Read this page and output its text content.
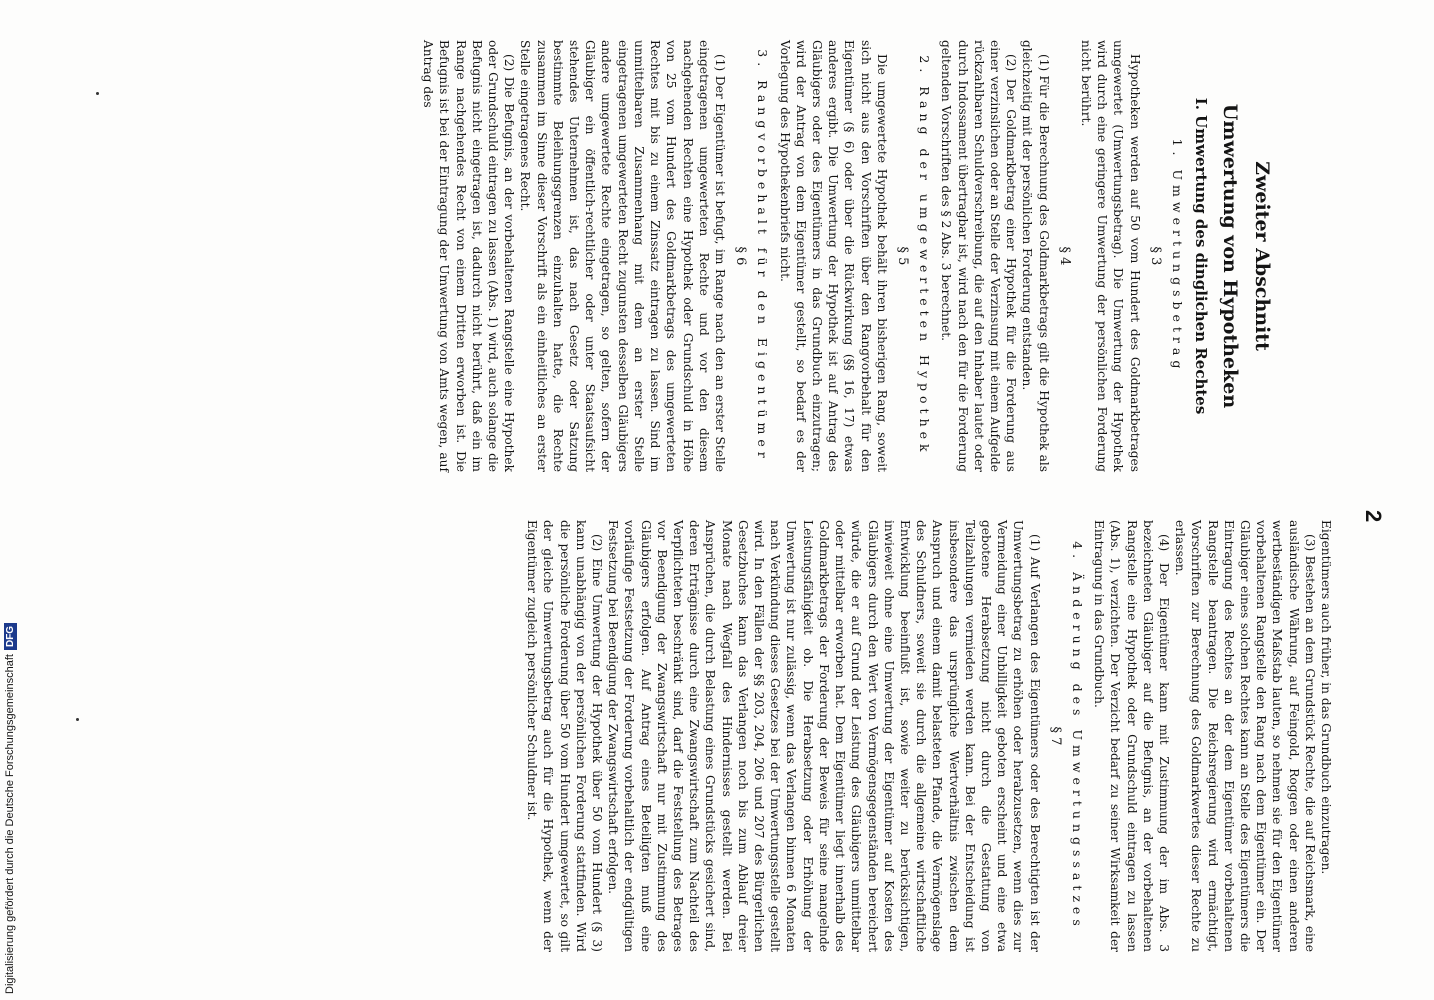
2
Zweiter Abschnitt
Umwertung von Hypotheken
I. Umwertung des dinglichen Rechtes
1. Umwertungsbetrag
§ 3

Hypotheken werden auf 50 vom Hundert des Goldmarkbetrages umgewertet (Umwertungsbetrag). Die Umwertung der Hypothek wird durch eine geringere Umwertung der persönlichen Forderung nicht berührt.

§ 4

(1) Für die Berechnung des Goldmarkbetrags gilt die Hypothek als gleichzeitig mit der persönlichen Forderung entstanden.

(2) Der Goldmarkbetrag einer Hypothek für die Forderung aus einer verzinslichen oder an Stelle der Verzinsung mit einem Aufgelde rückzahlbaren Schuldverschreibung, die auf den Inhaber lautet oder durch Indossament übertragbar ist, wird nach den für die Forderung geltenden Vorschriften des § 2 Abs. 3 berechnet.

2. Rang der umgewerteten Hypothek
§ 5

Die umgewertete Hypothek behält ihren bisherigen Rang, soweit sich nicht aus den Vorschriften über den Rangvorbehalt für den Eigentümer (§ 6) oder über die Rückwirkung (§§ 16, 17) etwas anderes ergibt. Die Umwertung der Hypothek ist auf Antrag des Gläubigers oder des Eigentümers in das Grundbuch einzutragen; wird der Antrag von dem Eigentümer gestellt, so bedarf es der Vorlegung des Hypothekenbriefs nicht.

3. Rangvorbehalt für den Eigentümer
§ 6

(1) Der Eigentümer ist befugt, im Range nach den an erster Stelle eingetragenen umgewerteten Rechte und vor den diesem nachgehenden Rechten eine Hypothek oder Grundschuld in Höhe von 25 vom Hundert des Goldmarkbetrags des umgewerteten Rechtes mit bis zu einem Zinssatz eintragen zu lassen. Sind im unmittelbaren Zusammenhang mit dem an erster Stelle eingetragenen umgewerteten Recht zugunsten desselben Gläubigers andere umgewertete Rechte eingetragen, so gelten, sofern der Gläubiger ein öffentlich-rechtlicher oder unter Staatsaufsicht stehendes Unternehmen ist, das nach Gesetz oder Satzung bestimmte Beleihungsgrenzen einzuhalten hatte, die Rechte zusammen im Sinne dieser Vorschrift als ein einheitliches an erster Stelle eingetragenes Recht.

(2) Die Befugnis, an der vorbehaltenen Rangstelle eine Hypothek oder Grundschuld eintragen zu lassen (Abs. 1) wird, auch solange die Befugnis nicht eingetragen ist, dadurch nicht berührt, daß ein im Range nachgehendes Recht von einem Dritten erworben ist. Die Befugnis ist bei der Eintragung der Umwertung von Amts wegen, auf Antrag des

Eigentümers auch früher, in das Grundbuch einzutragen.

(3) Bestehen an dem Grundstück Rechte, die auf Reichsmark, eine ausländische Währung, auf Feingold, Roggen oder einen anderen wertbeständigen Maßstab lauten, so nehmen sie für den Eigentümer vorbehaltenen Rangstelle den Rang nach dem Eigentümer ein. Der Gläubiger eines solchen Rechtes kann an Stelle des Eigentümers die Eintragung des Rechtes an der dem Eigentümer vorbehaltenen Rangstelle beantragen. Die Reichsregierung wird ermächtigt, Vorschriften zur Berechnung des Goldmarkwertes dieser Rechte zu erlassen.

(4) Der Eigentümer kann mit Zustimmung der im Abs. 3 bezeichneten Gläubiger auf die Befugnis, an der vorbehaltenen Rangstelle eine Hypothek oder Grundschuld eintragen zu lassen (Abs. 1), verzichten. Der Verzicht bedarf zu seiner Wirksamkeit der Eintragung in das Grundbuch.

4. Änderung des Umwertungssatzes
§ 7

(1) Auf Verlangen des Eigentümers oder des Berechtigten ist der Umwertungsbetrag zu erhöhen oder herabzusetzen, wenn dies zur Vermeidung einer Unbilligkeit geboten erscheint und eine etwa gebotene Herabsetzung nicht durch die Gestattung von Teilzahlungen vermieden werden kann. Bei der Entscheidung ist insbesondere das ursprüngliche Wertverhältnis zwischen dem Anspruch und einem damit belasteten Pfande, die Vermögenslage des Schuldners, soweit sie durch die allgemeine wirtschaftliche Entwicklung beeinflußt ist, sowie weiter zu berücksichtigen, inwieweit ohne eine Umwertung der Eigentümer auf Kosten des Gläubigers durch den Wert von Vermögensgegenständen bereichert würde, die er auf Grund der Leistung des Gläubigers unmittelbar oder mittelbar erworben hat. Dem Eigentümer liegt innerhalb des Goldmarkbetrags der Forderung der Beweis für seine mangelnde Leistungsfähigkeit ob. Die Herabsetzung oder Erhöhung der Umwertung ist nur zulässig, wenn das Verlangen binnen 6 Monaten nach Verkündung dieses Gesetzes bei der Umwertungsstelle gestellt wird. In den Fällen der §§ 203, 204, 206 und 207 des Bürgerlichen Gesetzbuches kann das Verlangen noch bis zum Ablauf dreier Monate nach Wegfall des Hindernisses gestellt werden. Bei Ansprüchen, die durch Belastung eines Grundstücks gesichert sind, deren Erträgnisse durch eine Zwangswirtschaft zum Nachteil des Verpflichteten beschränkt sind, darf die Feststellung des Betrages vor Beendigung der Zwangswirtschaft nur mit Zustimmung des Gläubigers erfolgen. Auf Antrag eines Beteiligten muß eine vorläufige Festsetzung der Forderung vorbehaltlich der endgültigen Festsetzung bei Beendigung der Zwangswirtschaft erfolgen.

(2) Eine Umwertung der Hypothek über 50 vom Hundert (§ 3) kann unabhängig von der persönlichen Forderung stattfinden. Wird die persönliche Forderung über 50 vom Hundert umgewertet, so gilt der gleiche Umwertungsbetrag auch für die Hypothek, wenn der Eigentümer zugleich persönlicher Schuldner ist.

Digitalisierung gefördert durch die Deutsche Forschungsgemeinschaft
DFG
